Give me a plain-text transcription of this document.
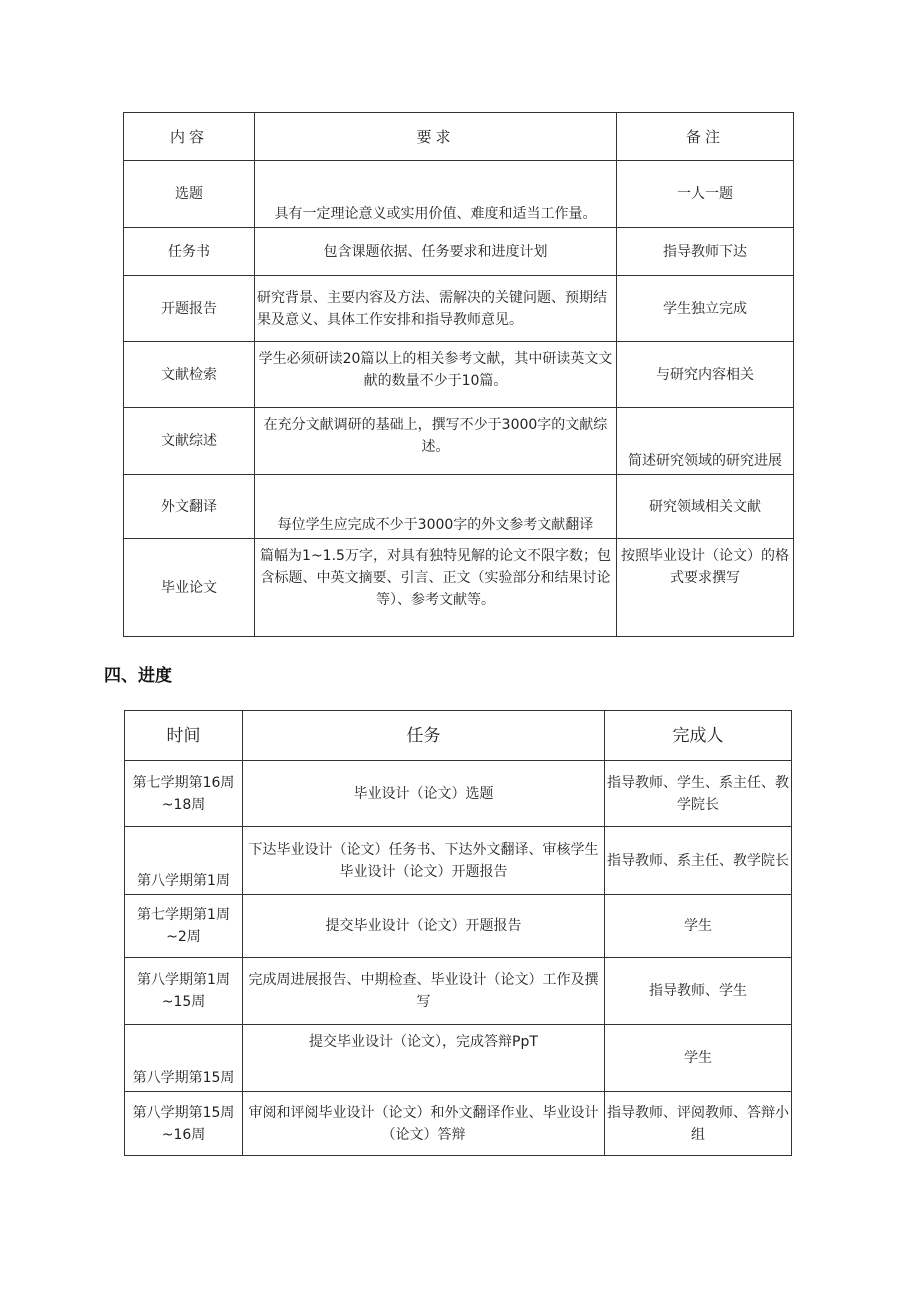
内容	要求	备注
选题	具有一定理论意义或实用价值、难度和适当工作量。	一人一题
任务书	包含课题依据、任务要求和进度计划	指导教师下达
开题报告	研究背景、主要内容及方法、需解决的关键问题、预期结果及意义、具体工作安排和指导教师意见。	学生独立完成
文献检索	学生必须研读20篇以上的相关参考文献，其中研读英文文献的数量不少于10篇。	与研究内容相关
文献综述	在充分文献调研的基础上，撰写不少于3000字的文献综述。	简述研究领域的研究进展
外文翻译	每位学生应完成不少于3000字的外文参考文献翻译	研究领域相关文献
毕业论文	篇幅为1~1.5万字，对具有独特见解的论文不限字数；包含标题、中英文摘要、引言、正文（实验部分和结果讨论等）、参考文献等。	按照毕业设计（论文）的格式要求撰写
四、进度
时间	任务	完成人
第七学期第16周~18周	毕业设计（论文）选题	指导教师、学生、系主任、教学院长
第八学期第1周	下达毕业设计（论文）任务书、下达外文翻译、审核学生毕业设计（论文）开题报告	指导教师、系主任、教学院长
第七学期第1周~2周	提交毕业设计（论文）开题报告	学生
第八学期第1周~15周	完成周进展报告、中期检查、毕业设计（论文）工作及撰写	指导教师、学生
第八学期第15周	提交毕业设计（论文），完成答辩PpT	学生
第八学期第15周~16周	审阅和评阅毕业设计（论文）和外文翻译作业、毕业设计（论文）答辩	指导教师、评阅教师、答辩小组
